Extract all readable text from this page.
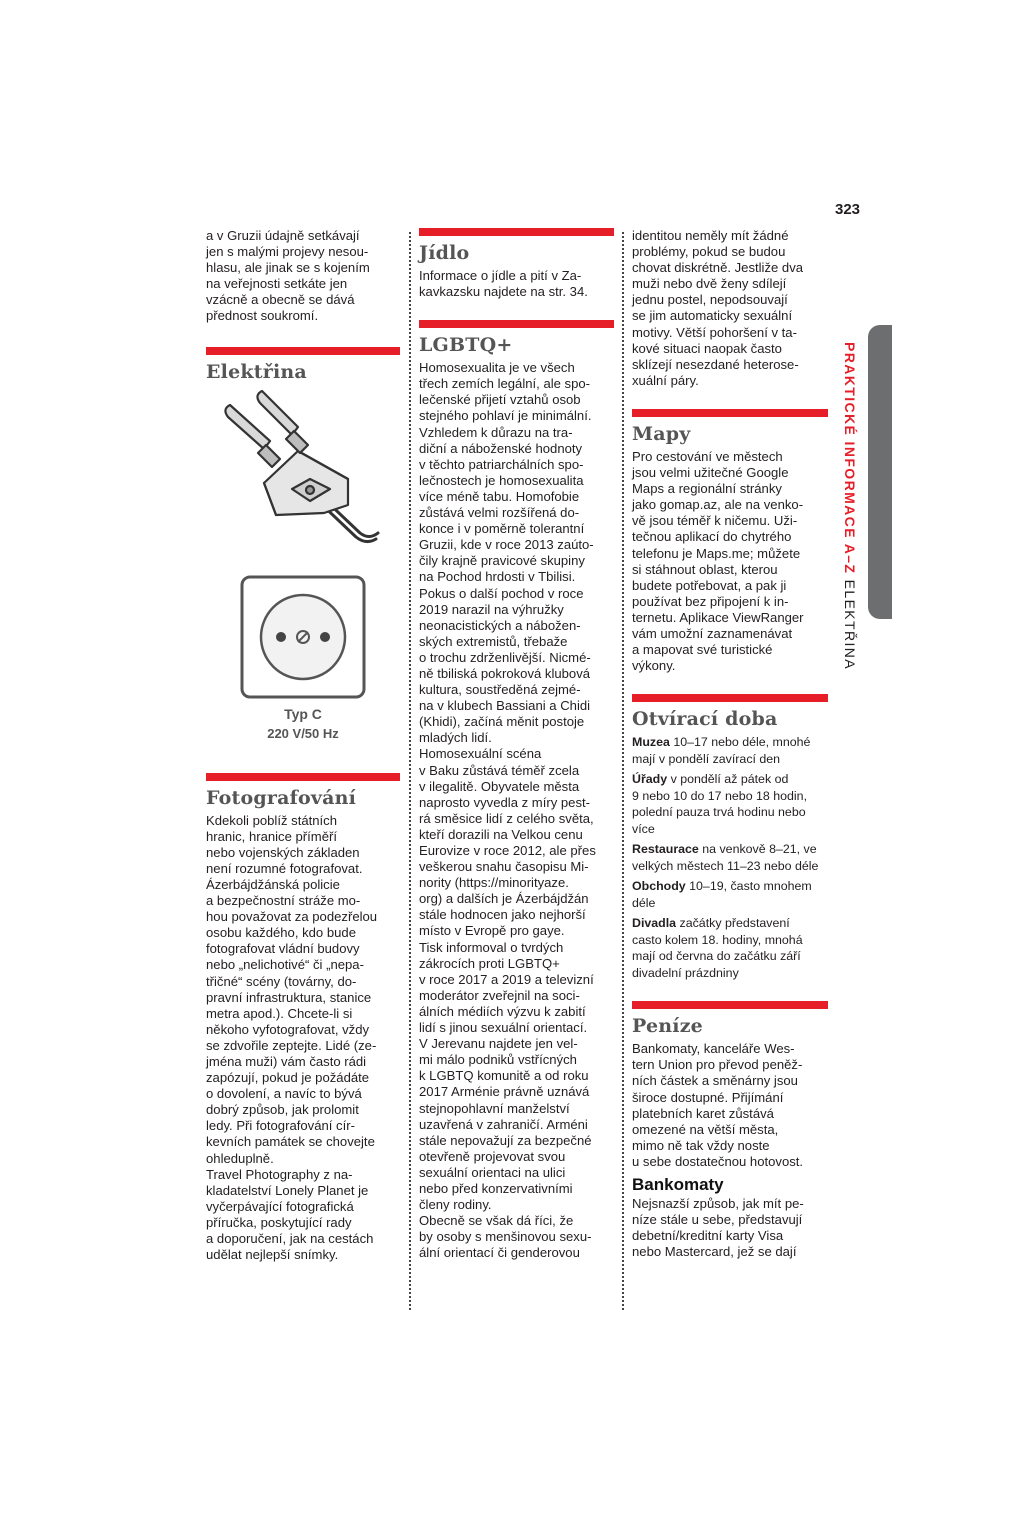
323
PRAKTICKÉ INFORMACE A–Z ELEKTŘINA

a v Gruzii údajně setkávají
jen s malými projevy nesou-
hlasu, ale jinak se s kojením
na veřejnosti setkáte jen
vzácně a obecně se dává
přednost soukromí.

Elektřina

Typ C

220 V/50 Hz

Fotografování

Kdekoli poblíž státních
hranic, hranice příměří
nebo vojenských základen
není rozumné fotografovat.
Ázerbájdžánská policie
a bezpečnostní stráže mo-
hou považovat za podezřelou
osobu každého, kdo bude
fotografovat vládní budovy
nebo „nelichotivé“ či „nepa-
třičné“ scény (továrny, do-
pravní infrastruktura, stanice
metra apod.). Chcete-li si
někoho vyfotografovat, vždy
se zdvořile zeptejte. Lidé (ze-
jména muži) vám často rádi
zapózují, pokud je požádáte
o dovolení, a navíc to bývá
dobrý způsob, jak prolomit
ledy. Při fotografování cír-
kevních památek se chovejte
ohleduplně.

Travel Photography z na-
kladatelství Lonely Planet je
vyčerpávající fotografická
příručka, poskytující rady
a doporučení, jak na cestách
udělat nejlepší snímky.

Jídlo

Informace o jídle a pití v Za-
kavkazsku najdete na str. 34.

LGBTQ+

Homosexualita je ve všech
třech zemích legální, ale spo-
lečenské přijetí vztahů osob
stejného pohlaví je minimální.
Vzhledem k důrazu na tra-
diční a náboženské hodnoty
v těchto patriarchálních spo-
lečnostech je homosexualita
více méně tabu. Homofobie
zůstává velmi rozšířená do-
konce i v poměrně tolerantní
Gruzii, kde v roce 2013 zaúto-
čily krajně pravicové skupiny
na Pochod hrdosti v Tbilisi.
Pokus o další pochod v roce
2019 narazil na výhružky
neonacistických a nábožen-
ských extremistů, třebaže
o trochu zdrženlivější. Nicmé-
ně tbiliská pokroková klubová
kultura, soustředěná zejmé-
na v klubech Bassiani a Chidi
(Khidi), začíná měnit postoje
mladých lidí.

Homosexuální scéna
v Baku zůstává téměř zcela
v ilegalitě. Obyvatele města
naprosto vyvedla z míry pest-
rá směsice lidí z celého světa,
kteří dorazili na Velkou cenu
Eurovize v roce 2012, ale přes
veškerou snahu časopisu Mi-
nority (https://minorityaze.
org) a dalších je Ázerbájdžán
stále hodnocen jako nejhorší
místo v Evropě pro gaye.
Tisk informoval o tvrdých
zákrocích proti LGBTQ+
v roce 2017 a 2019 a televizní
moderátor zveřejnil na soci-
álních médiích výzvu k zabití
lidí s jinou sexuální orientací.

V Jerevanu najdete jen vel-
mi málo podniků vstřícných
k LGBTQ komunitě a od roku
2017 Arménie právně uznává
stejnopohlavní manželství
uzavřená v zahraničí. Arméni
stále nepovažují za bezpečné
otevřeně projevovat svou
sexuální orientaci na ulici
nebo před konzervativními
členy rodiny.

Obecně se však dá říci, že
by osoby s menšinovou sexu-
ální orientací či genderovou

identitou neměly mít žádné
problémy, pokud se budou
chovat diskrétně. Jestliže dva
muži nebo dvě ženy sdílejí
jednu postel, nepodsouvají
se jim automaticky sexuální
motivy. Větší pohoršení v ta-
kové situaci naopak často
sklízejí nesezdané heterose-
xuální páry.

Mapy

Pro cestování ve městech
jsou velmi užitečné Google
Maps a regionální stránky
jako gomap.az, ale na venko-
vě jsou téměř k ničemu. Uži-
tečnou aplikací do chytrého
telefonu je Maps.me; můžete
si stáhnout oblast, kterou
budete potřebovat, a pak ji
používat bez připojení k in-
ternetu. Aplikace ViewRanger
vám umožní zaznamenávat
a mapovat své turistické
výkony.

Otvírací doba
Muzea 10–17 nebo déle, mnohé
mají v pondělí zavírací den
Úřady v pondělí až pátek od
9 nebo 10 do 17 nebo 18 hodin,
polední pauza trvá hodinu nebo
více
Restaurace na venkově 8–21, ve
velkých městech 11–23 nebo déle
Obchody 10–19, často mnohem
déle
Divadla začátky představení
casto kolem 18. hodiny, mnohá
mají od června do začátku září
divadelní prázdniny
Peníze

Bankomaty, kanceláře Wes-
tern Union pro převod peněž-
ních částek a směnárny jsou
široce dostupné. Přijímání
platebních karet zůstává
omezené na větší města,
mimo ně tak vždy noste
u sebe dostatečnou hotovost.

Bankomaty

Nejsnazší způsob, jak mít pe-
níze stále u sebe, představují
debetní/kreditní karty Visa
nebo Mastercard, jež se dají
